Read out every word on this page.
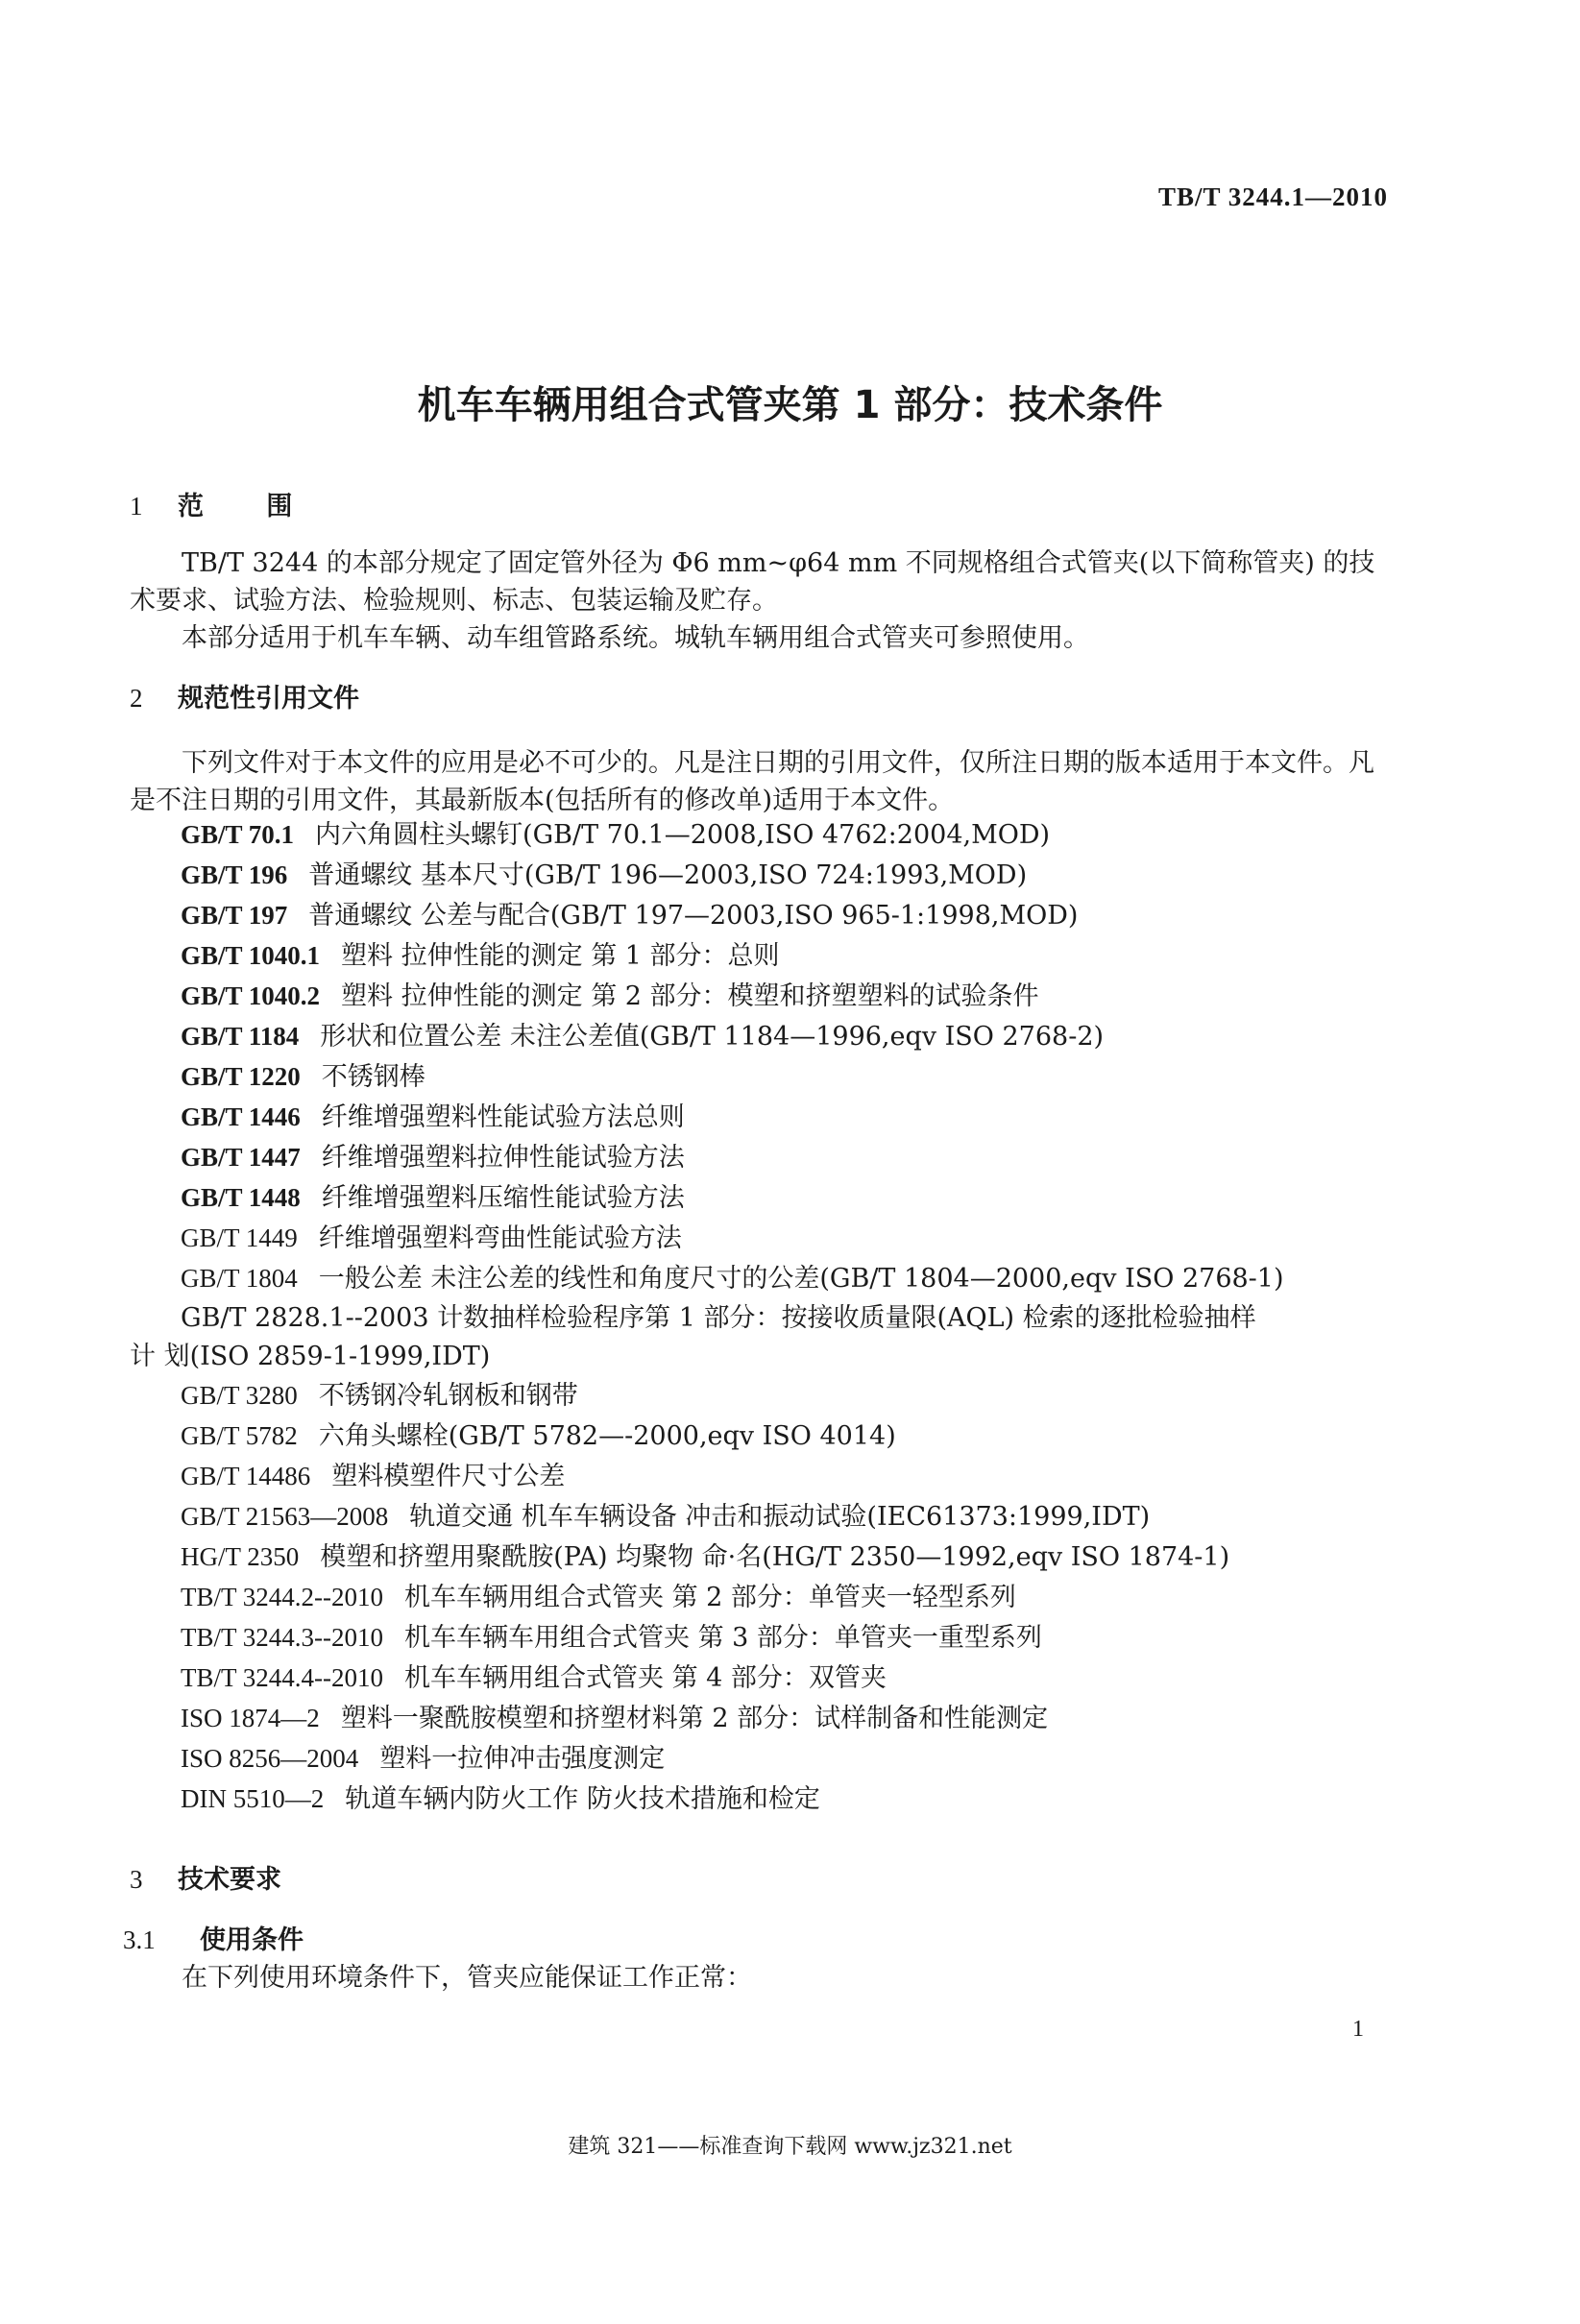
TB/T 3244.1—2010
机车车辆用组合式管夹第 1 部分：技术条件
1 范 围
TB/T 3244 的本部分规定了固定管外径为 Φ6 mm~φ64 mm 不同规格组合式管夹(以下简称管夹) 的技术要求、试验方法、检验规则、标志、包装运输及贮存。
本部分适用于机车车辆、动车组管路系统。城轨车辆用组合式管夹可参照使用。
2 规范性引用文件
下列文件对于本文件的应用是必不可少的。凡是注日期的引用文件，仅所注日期的版本适用于本文件。凡是不注日期的引用文件，其最新版本(包括所有的修改单)适用于本文件。
GB/T 70.1 内六角圆柱头螺钉(GB/T 70.1—2008,ISO 4762:2004,MOD)
GB/T 196 普通螺纹 基本尺寸(GB/T 196—2003,ISO 724:1993,MOD)
GB/T 197 普通螺纹 公差与配合(GB/T 197—2003,ISO 965-1:1998,MOD)
GB/T 1040.1 塑料 拉伸性能的测定 第 1 部分：总则
GB/T 1040.2 塑料 拉伸性能的测定 第 2 部分：模塑和挤塑塑料的试验条件
GB/T 1184 形状和位置公差 未注公差值(GB/T 1184—1996,eqv ISO 2768-2)
GB/T 1220 不锈钢棒
GB/T 1446 纤维增强塑料性能试验方法总则
GB/T 1447 纤维增强塑料拉伸性能试验方法
GB/T 1448 纤维增强塑料压缩性能试验方法
GB/T 1449 纤维增强塑料弯曲性能试验方法
GB/T 1804 一般公差 未注公差的线性和角度尺寸的公差(GB/T 1804—2000,eqv ISO 2768-1)
GB/T 2828.1--2003 计数抽样检验程序第 1 部分：按接收质量限(AQL) 检索的逐批检验抽样
计 划(ISO 2859-1-1999,IDT)
GB/T 3280 不锈钢冷轧钢板和钢带
GB/T 5782 六角头螺栓(GB/T 5782—-2000,eqv ISO 4014)
GB/T 14486 塑料模塑件尺寸公差
GB/T 21563—2008 轨道交通 机车车辆设备 冲击和振动试验(IEC61373:1999,IDT)
HG/T 2350 模塑和挤塑用聚酰胺(PA) 均聚物 命·名(HG/T 2350—1992,eqv ISO 1874-1)
TB/T 3244.2--2010 机车车辆用组合式管夹 第 2 部分：单管夹一轻型系列
TB/T 3244.3--2010 机车车辆车用组合式管夹 第 3 部分：单管夹一重型系列
TB/T 3244.4--2010 机车车辆用组合式管夹 第 4 部分：双管夹
ISO 1874—2 塑料一聚酰胺模塑和挤塑材料第 2 部分：试样制备和性能测定
ISO 8256—2004 塑料一拉伸冲击强度测定
DIN 5510—2 轨道车辆内防火工作 防火技术措施和检定
3 技术要求
3.1 使用条件
在下列使用环境条件下，管夹应能保证工作正常：
1
建筑 321——标准查询下载网 www.jz321.net
